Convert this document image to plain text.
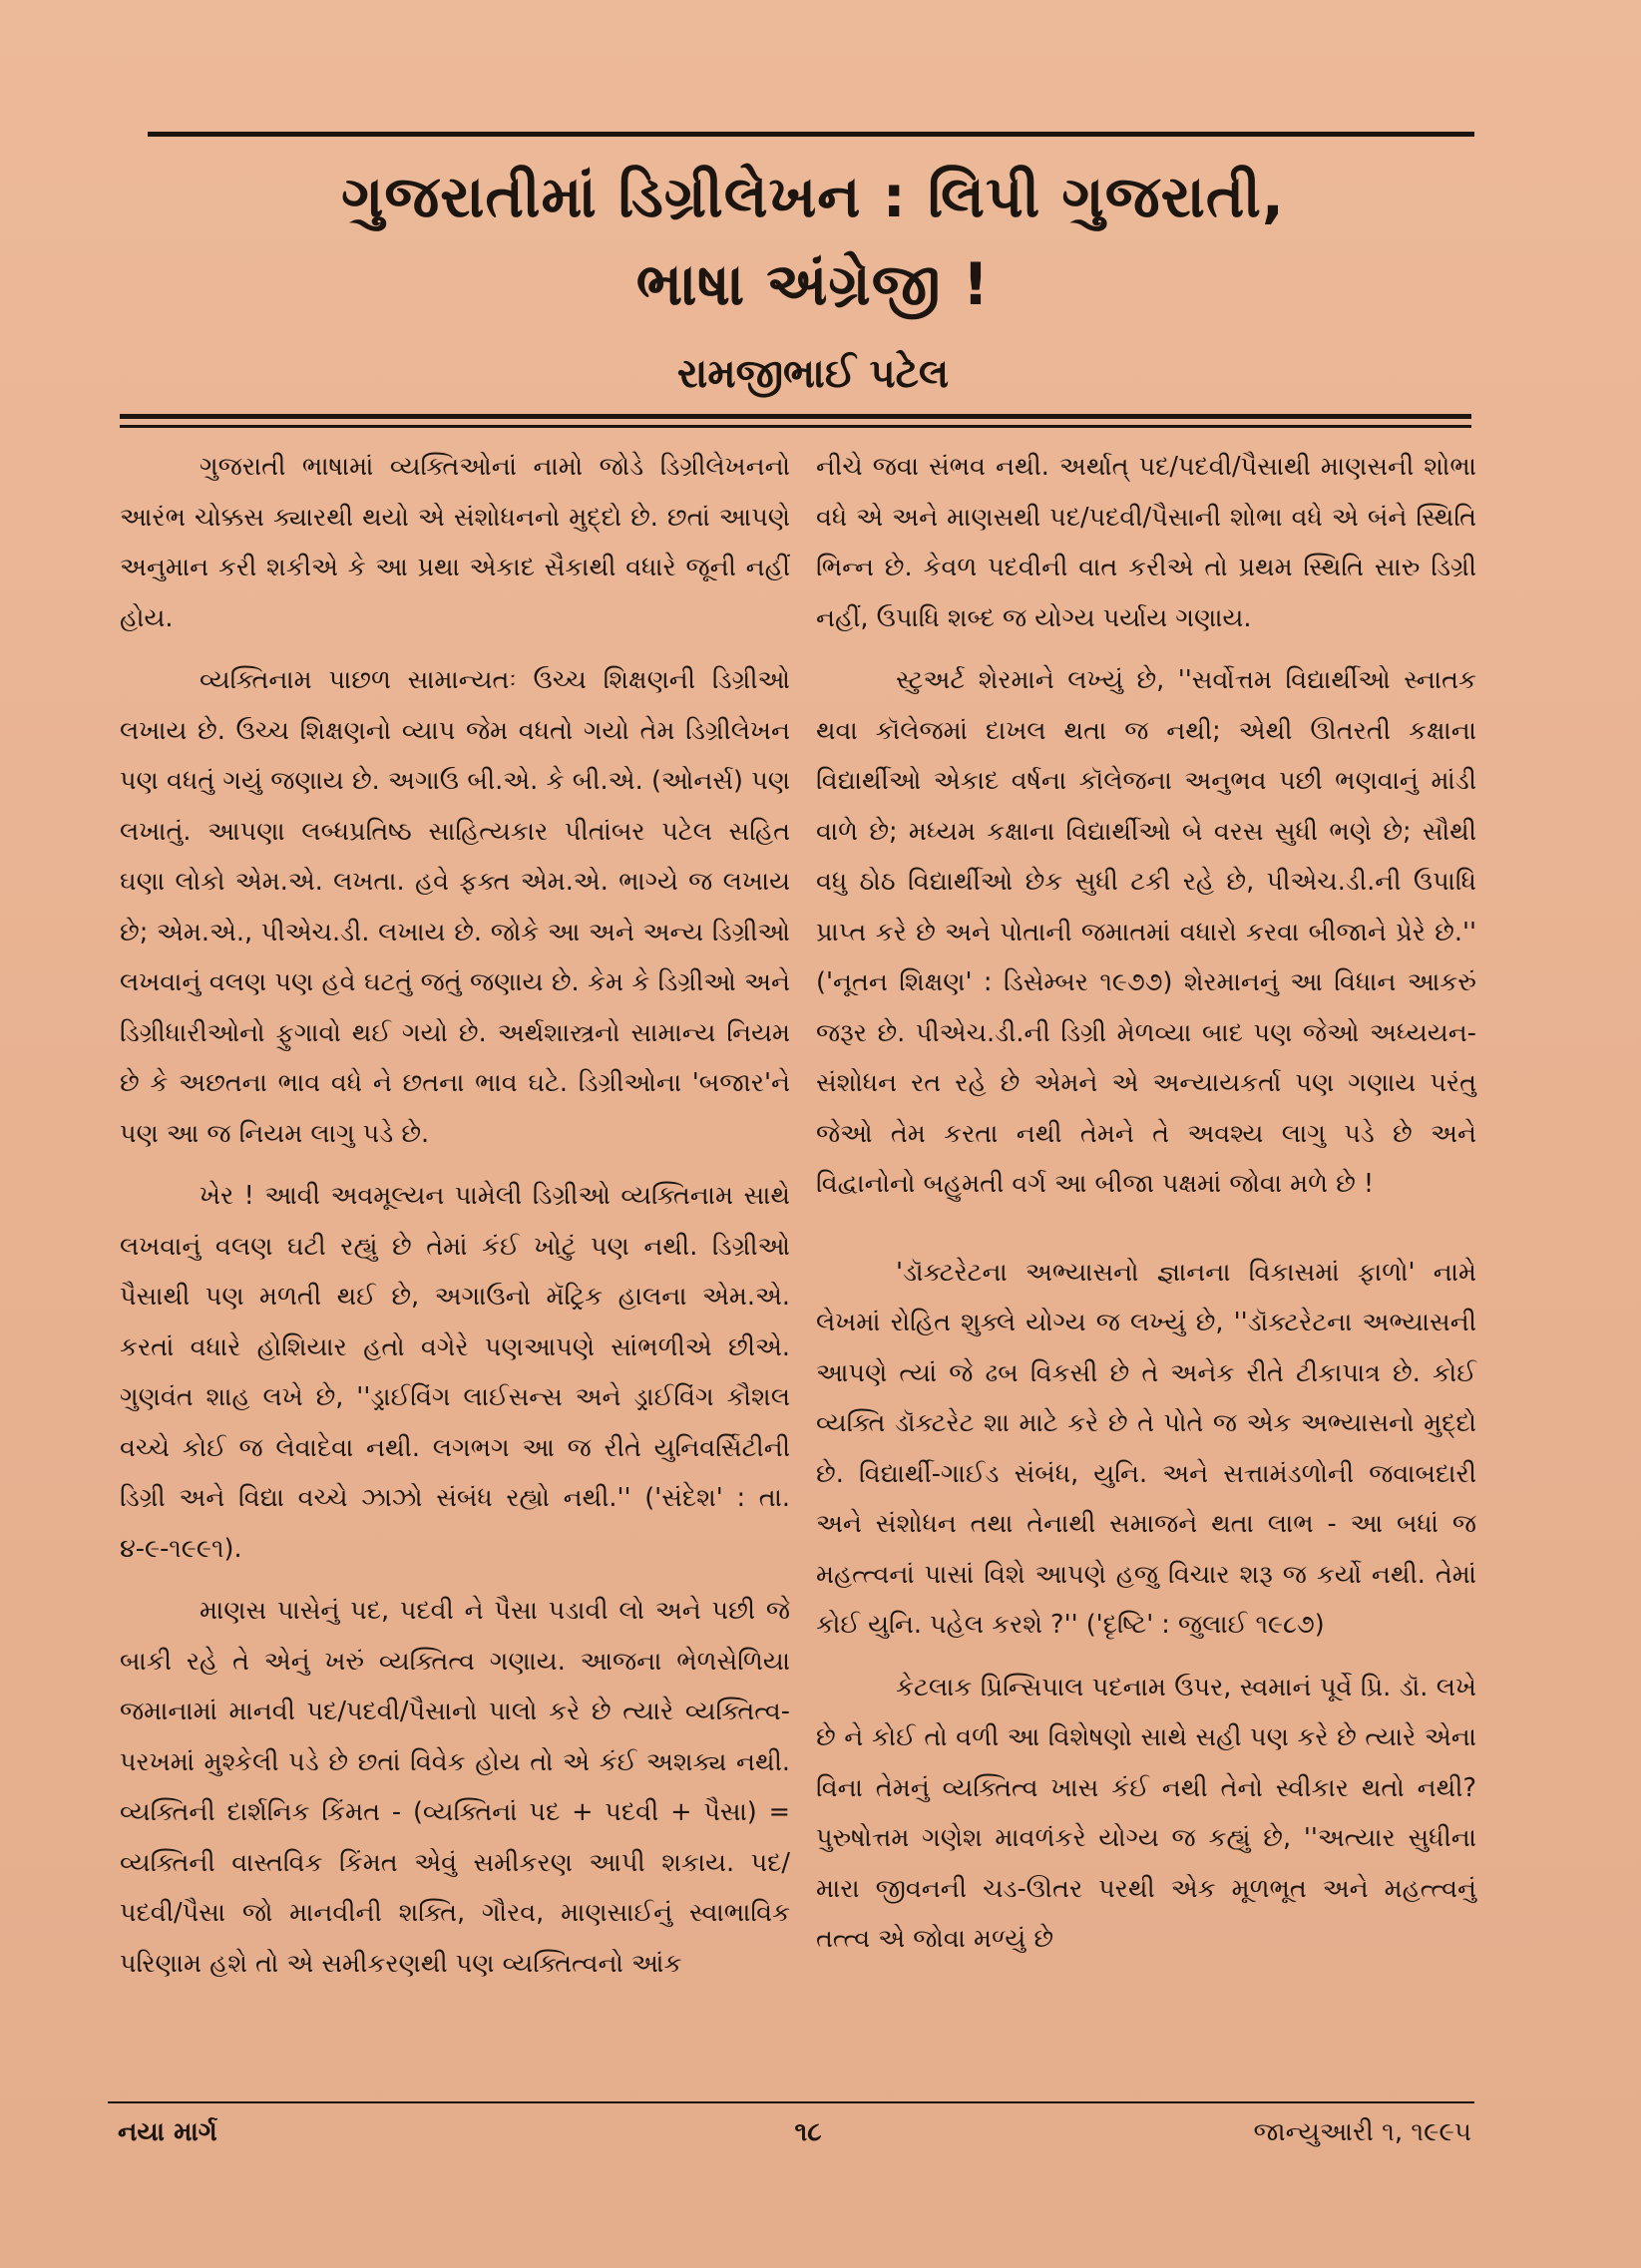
ગુજરાતીમાં ડિગ્રીલેખન : લિપી ગુજરાતી,
ભાષા અંગ્રેજી !
રામજીભાઈ પટેલ

ગુજરાતી ભાષામાં વ્યક્તિઓનાં નામો જોડે ડિગ્રીલેખનનો આરંભ ચોક્કસ ક્યારથી થયો એ સંશોધનનો મુદ્દો છે. છતાં આપણે અનુમાન કરી શકીએ કે આ પ્રથા એકાદ સૈકાથી વધારે જૂની નહીં હોય.

વ્યક્તિનામ પાછળ સામાન્યતઃ ઉચ્ચ શિક્ષણની ડિગ્રીઓ લખાય છે. ઉચ્ચ શિક્ષણનો વ્યાપ જેમ વધતો ગયો તેમ ડિગ્રીલેખન પણ વધતું ગયું જણાય છે. અગાઉ બી.એ. કે બી.એ. (ઓનર્સ) પણ લખાતું. આપણા લબ્ધપ્રતિષ્ઠ સાહિત્યકાર પીતાંબર પટેલ સહિત ઘણા લોકો એમ.એ. લખતા. હવે ફક્ત એમ.એ. ભાગ્યે જ લખાય છે; એમ.એ., પીએચ.ડી. લખાય છે. જોકે આ અને અન્ય ડિગ્રીઓ લખવાનું વલણ પણ હવે ઘટતું જતું જણાય છે. કેમ કે ડિગ્રીઓ અને ડિગ્રીધારીઓનો ફુગાવો થઈ ગયો છે. અર્થશાસ્ત્રનો સામાન્ય નિયમ છે કે અછતના ભાવ વધે ને છતના ભાવ ઘટે. ડિગ્રીઓના 'બજાર'ને પણ આ જ નિયમ લાગુ પડે છે.

ખેર ! આવી અવમૂલ્યન પામેલી ડિગ્રીઓ વ્યક્તિનામ સાથે લખવાનું વલણ ઘટી રહ્યું છે તેમાં કંઈ ખોટું પણ નથી. ડિગ્રીઓ પૈસાથી પણ મળતી થઈ છે, અગાઉનો મૅટ્રિક હાલના એમ.એ. કરતાં વધારે હોશિયાર હતો વગેરે પણઆપણે સાંભળીએ છીએ. ગુણવંત શાહ લખે છે, ''ડ્રાઈવિંગ લાઈસન્સ અને ડ્રાઈવિંગ કૌશલ વચ્ચે કોઈ જ લેવાદેવા નથી. લગભગ આ જ રીતે યુનિવર્સિટીની ડિગ્રી અને વિદ્યા વચ્ચે ઝાઝો સંબંધ રહ્યો નથી.'' ('સંદેશ' : તા. ૪-૯-૧૯૯૧).

માણસ પાસેનું પદ, પદવી ને પૈસા પડાવી લો અને પછી જે બાકી રહે તે એનું ખરું વ્યક્તિત્વ ગણાય. આજના ભેળસેળિયા જમાનામાં માનવી પદ/પદવી/પૈસાનો પાલો કરે છે ત્યારે વ્યક્તિત્વ-પરખમાં મુશ્કેલી પડે છે છતાં વિવેક હોય તો એ કંઈ અશક્ય નથી. વ્યક્તિની દાર્શનિક કિંમત - (વ્યક્તિનાં પદ + પદવી + પૈસા) = વ્યક્તિની વાસ્તવિક કિંમત એવું સમીકરણ આપી શકાય. પદ/પદવી/પૈસા જો માનવીની શક્તિ, ગૌરવ, માણસાઈનું સ્વાભાવિક પરિણામ હશે તો એ સમીકરણથી પણ વ્યક્તિત્વનો આંક

નીચે જવા સંભવ નથી. અર્થાત્ પદ/પદવી/પૈસાથી માણસની શોભા વધે એ અને માણસથી પદ/પદવી/પૈસાની શોભા વધે એ બંને સ્થિતિ ભિન્ન છે. કેવળ પદવીની વાત કરીએ તો પ્રથમ સ્થિતિ સારુ ડિગ્રી નહીં, ઉપાધિ શબ્દ જ યોગ્ય પર્યાય ગણાય.

સ્ટુઅર્ટ શેરમાને લખ્યું છે, ''સર્વોત્તમ વિદ્યાર્થીઓ સ્નાતક થવા કૉલેજમાં દાખલ થતા જ નથી; એથી ઊતરતી કક્ષાના વિદ્યાર્થીઓ એકાદ વર્ષના કૉલેજના અનુભવ પછી ભણવાનું માંડી વાળે છે; મધ્યમ કક્ષાના વિદ્યાર્થીઓ બે વરસ સુધી ભણે છે; સૌથી વધુ ઠોઠ વિદ્યાર્થીઓ છેક સુધી ટકી રહે છે, પીએચ.ડી.ની ઉપાધિ પ્રાપ્ત કરે છે અને પોતાની જમાતમાં વધારો કરવા બીજાને પ્રેરે છે.'' ('નૂતન શિક્ષણ' : ડિસેમ્બર ૧૯૭૭) શેરમાનનું આ વિધાન આકરું જરૂર છે. પીએચ.ડી.ની ડિગ્રી મેળવ્યા બાદ પણ જેઓ અધ્યયન-સંશોધન રત રહે છે એમને એ અન્યાયકર્તા પણ ગણાય પરંતુ જેઓ તેમ કરતા નથી તેમને તે અવશ્ય લાગુ પડે છે અને વિદ્વાનોનો બહુમતી વર્ગ આ બીજા પક્ષમાં જોવા મળે છે !

'ડૉક્ટરેટના અભ્યાસનો જ્ઞાનના વિકાસમાં ફાળો' નામે લેખમાં રોહિત શુક્લે યોગ્ય જ લખ્યું છે, ''ડૉક્ટરેટના અભ્યાસની આપણે ત્યાં જે ઢબ વિકસી છે તે અનેક રીતે ટીકાપાત્ર છે. કોઈ વ્યક્તિ ડૉક્ટરેટ શા માટે કરે છે તે પોતે જ એક અભ્યાસનો મુદ્દો છે. વિદ્યાર્થી-ગાઈડ સંબંધ, યુનિ. અને સત્તામંડળોની જવાબદારી અને સંશોધન તથા તેનાથી સમાજને થતા લાભ - આ બધાં જ મહત્ત્વનાં પાસાં વિશે આપણે હજુ વિચાર શરૂ જ કર્યો નથી. તેમાં કોઈ યુનિ. પહેલ કરશે ?'' ('દૃષ્ટિ' : જુલાઈ ૧૯૮૭)

કેટલાક પ્રિન્સિપાલ પદનામ ઉપર, સ્વમાનં પૂર્વે પ્રિ. ડૉ. લખે છે ને કોઈ તો વળી આ વિશેષણો સાથે સહી પણ કરે છે ત્યારે એના વિના તેમનું વ્યક્તિત્વ ખાસ કંઈ નથી તેનો સ્વીકાર થતો નથી? પુરુષોત્તમ ગણેશ માવળંકરે યોગ્ય જ કહ્યું છે, ''અત્યાર સુધીના મારા જીવનની ચડ-ઊતર પરથી એક મૂળભૂત અને મહત્ત્વનું તત્ત્વ એ જોવા મળ્યું છે

નયા માર્ગ	૧૮	જાન્યુઆરી ૧, ૧૯૯૫
